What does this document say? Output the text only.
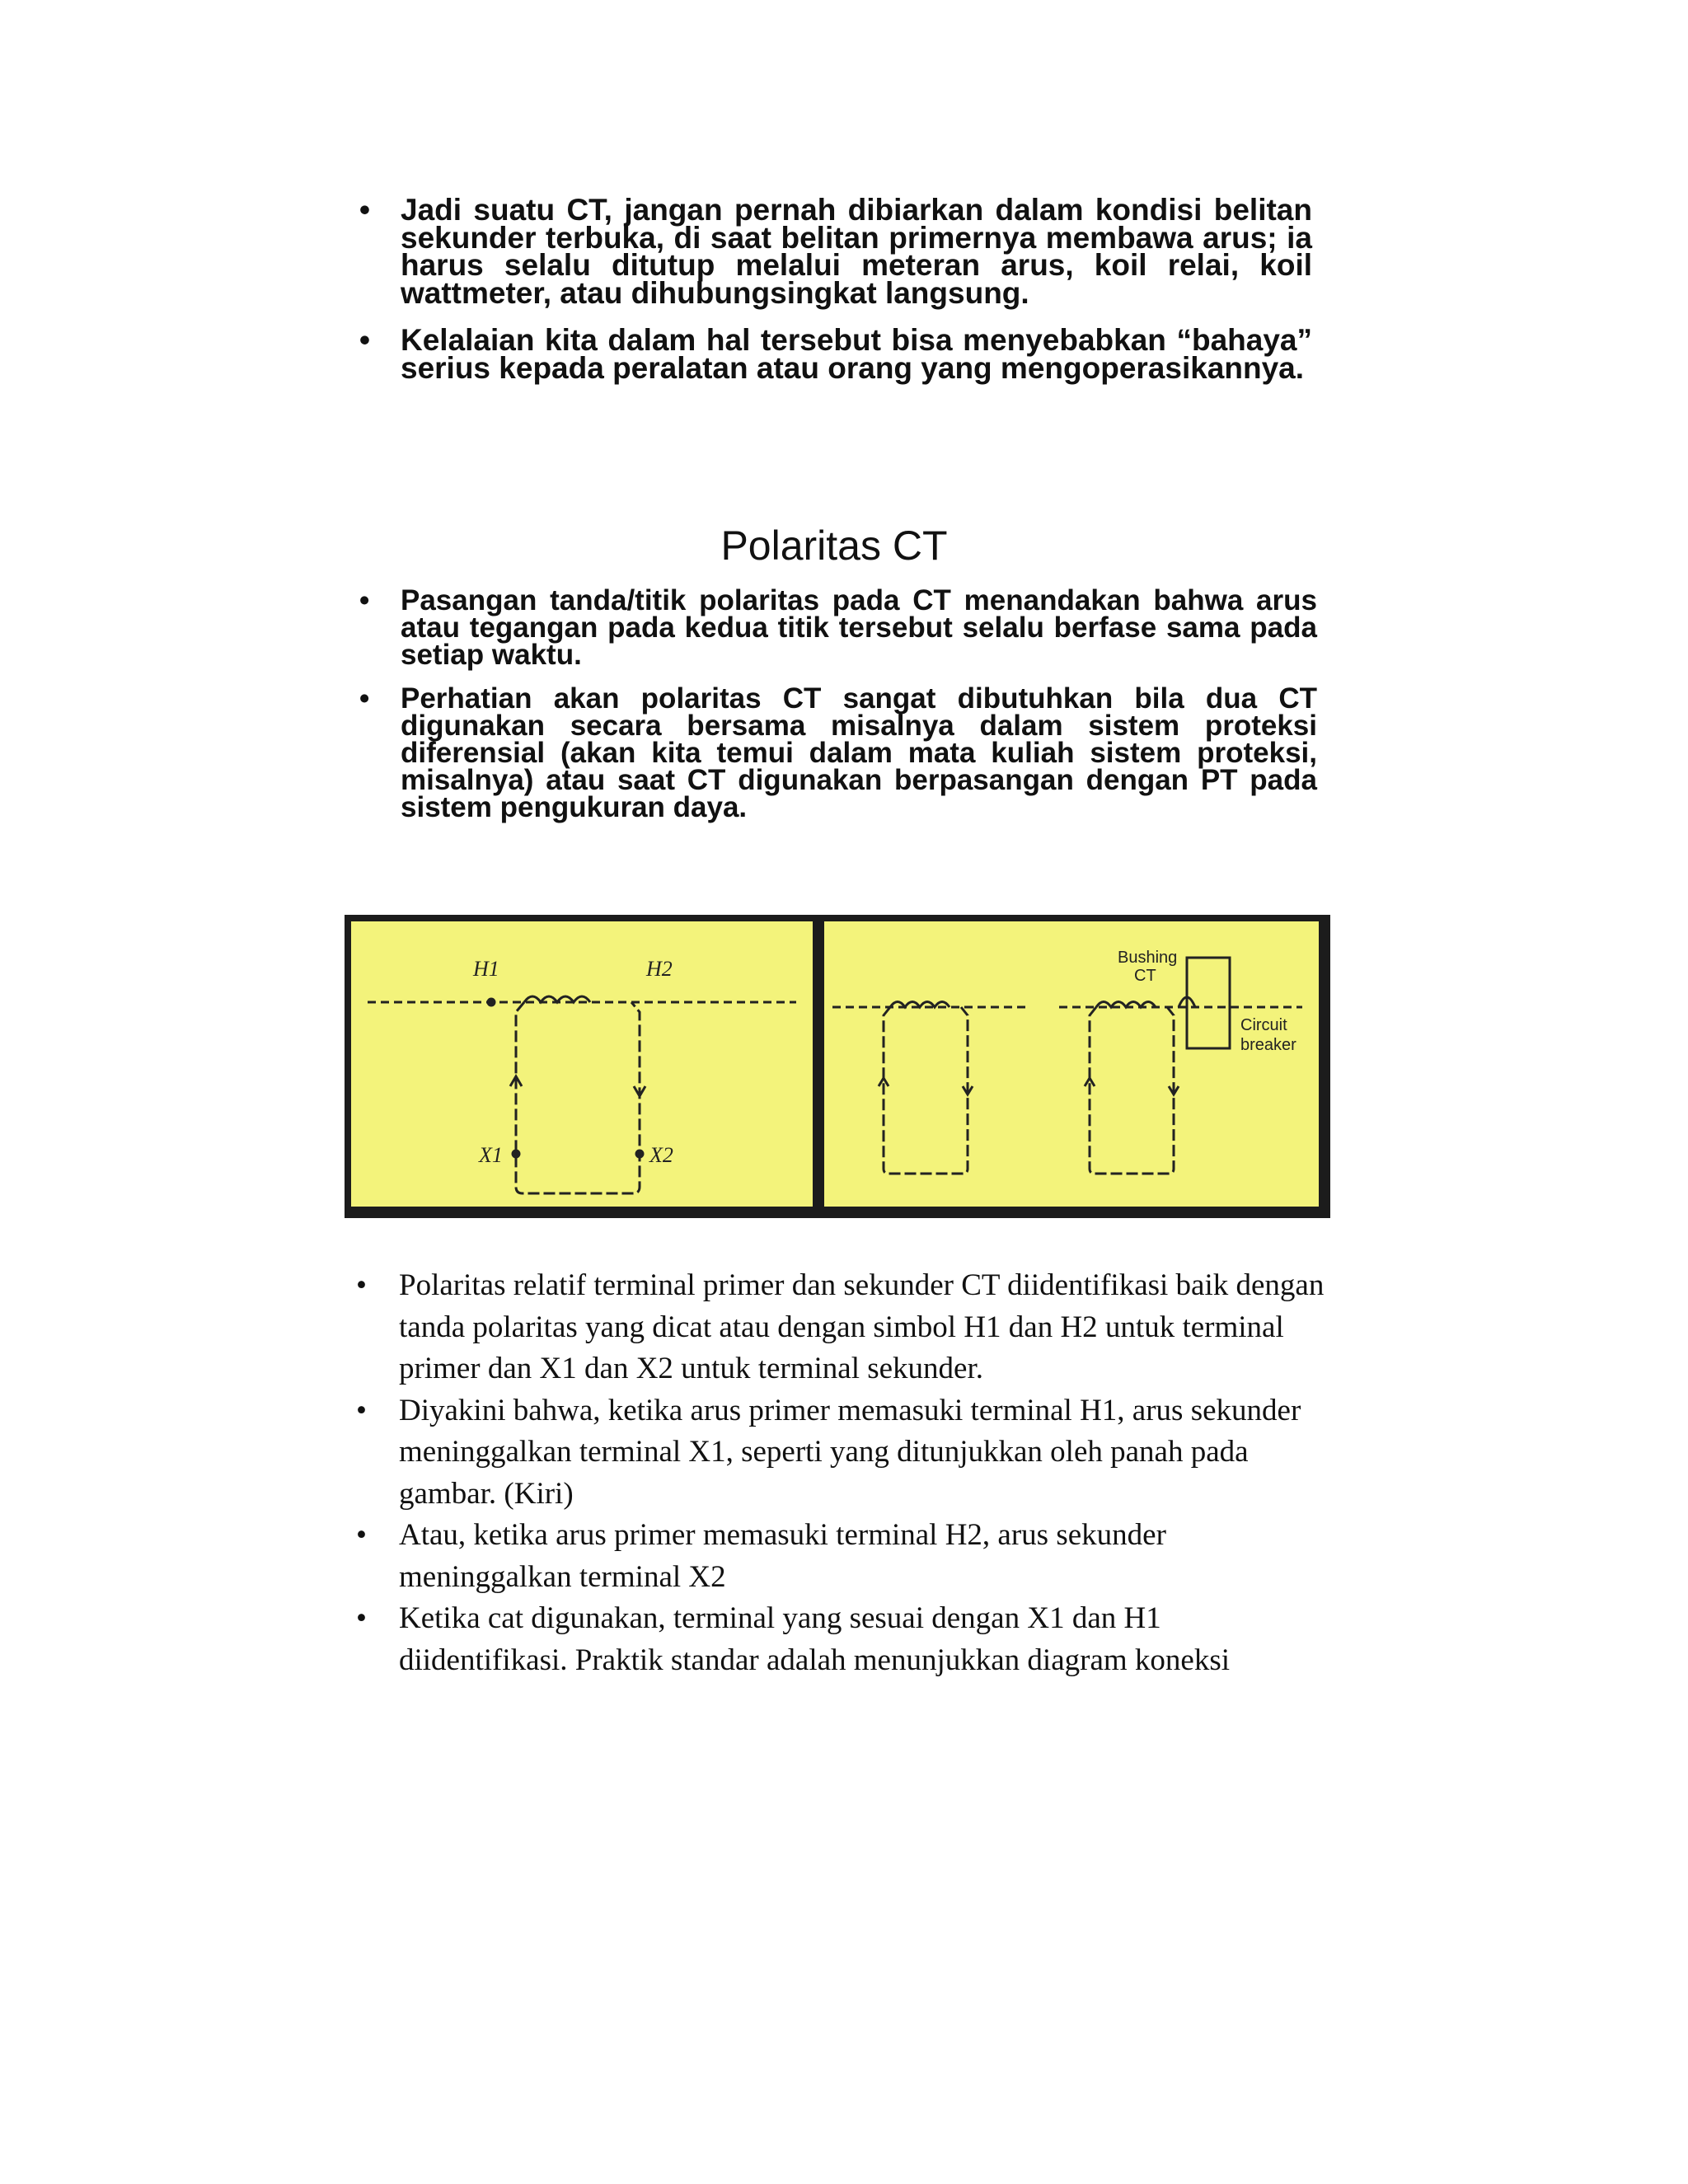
• Jadi suatu CT, jangan pernah dibiarkan dalam kondisi belitan sekunder terbuka, di saat belitan primernya membawa arus; ia harus selalu ditutup melalui meteran arus, koil relai, koil wattmeter, atau dihubungsingkat langsung.
• Kelalaian kita dalam hal tersebut bisa menyebabkan “bahaya” serius kepada peralatan atau orang yang mengoperasikannya.
Polaritas CT
• Pasangan tanda/titik polaritas pada CT menandakan bahwa arus atau tegangan pada kedua titik tersebut selalu berfase sama pada setiap waktu.
• Perhatian akan polaritas CT sangat dibutuhkan bila dua CT digunakan secara bersama misalnya dalam sistem proteksi diferensial (akan kita temui dalam mata kuliah sistem proteksi, misalnya) atau saat CT digunakan berpasangan dengan PT pada sistem pengukuran daya.
H1	H2
X1	X2
Bushing
CT
Circuit
breaker
• Polaritas relatif terminal primer dan sekunder CT diidentifikasi baik dengan tanda polaritas yang dicat atau dengan simbol H1 dan H2 untuk terminal primer dan X1 dan X2 untuk terminal sekunder.
• Diyakini bahwa, ketika arus primer memasuki terminal H1, arus sekunder meninggalkan terminal X1, seperti yang ditunjukkan oleh panah pada gambar. (Kiri)
• Atau, ketika arus primer memasuki terminal H2, arus sekunder meninggalkan terminal X2
• Ketika cat digunakan, terminal yang sesuai dengan X1 dan H1 diidentifikasi. Praktik standar adalah menunjukkan diagram koneksi
